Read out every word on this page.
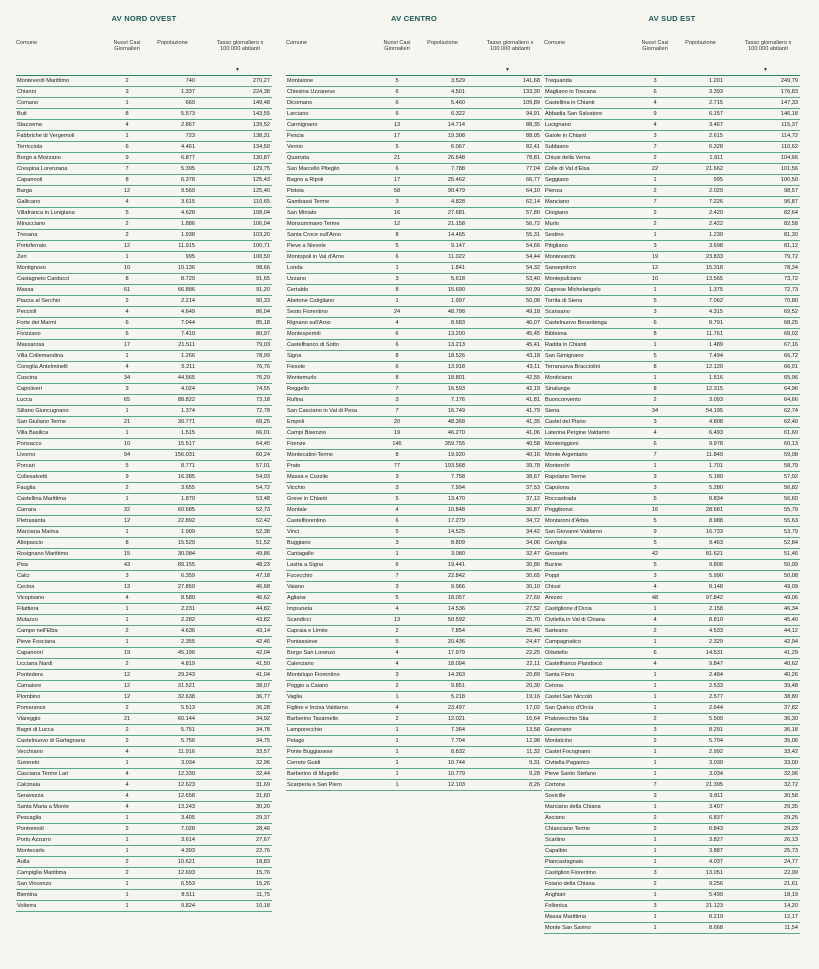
AV NORD OVEST
Comune	Nuovi Casi Giornalieri
Popolazione	Tasso giornaliero x 100.000 abitanti
▼
Monteverdi Marittimo	2	740	270,27
Chianni	3	1.337	224,38
Comano	1	669	149,48
Buti	8	5.573	143,55
Stazzema	4	2.867	139,52
Fabbriche di Vergemoli	1	723	138,31
Terricciola	6	4.461	134,50
Borgo a Mozzano	9	6.877	130,87
Crespina Lorenzana	7	5.395	129,75
Capannoli	8	6.378	125,43
Barga	12	9.569	125,40
Gallicano	4	3.615	110,65
Villafranca in Lunigiana	5	4.628	108,04
Minucciano	2	1.886	106,04
Tresana	2	1.938	103,20
Portoferraio	12	11.915	100,71
Zeri	1	995	100,50
Montignoso	10	10.136	98,66
Castagneto Carducci	8	8.729	91,65
Massa	61	66.886	91,20
Piazza al Serchio	2	2.214	90,33
Pecciolì	4	4.649	86,04
Forte dei Marmi	6	7.044	85,18
Fivizzano	6	7.410	80,97
Massarosa	17	21.511	79,03
Villa Collemandina	1	1.266	78,99
Coreglia Antelminelli	4	5.211	76,76
Cascina	34	44.565	76,29
Capoliveri	3	4.024	74,55
Lucca	65	88.822	73,18
Sillano Giuncugnano	1	1.374	72,78
San Giuliano Terme	21	30.771	68,25
Villa Basilica	1	1.515	66,01
Ponsacco	10	15.517	64,45
Livorno	94	156.031	60,24
Porcari	5	8.771	57,01
Collesalvetti	9	16.385	54,93
Fauglia	2	3.655	54,72
Castellina Marittima	1	1.870	53,48
Carrara	32	60.685	52,73
Pietrasanta	12	22.892	52,42
Marciana Marina	1	1.909	52,38
Altopascio	8	15.529	51,52
Rosignano Marittimo	15	30.084	49,86
Pisa	43	89.155	48,23
Calci	3	6.359	47,18
Cecina	13	27.850	46,68
Vicopisano	4	8.580	46,62
Filattiera	1	2.231	44,82
Mulazzo	1	2.282	43,82
Campo nell'Elba	2	4.636	43,14
Pieve Fosciana	1	2.355	42,46
Capannori	19	45.196	42,04
Licciana Nardi	2	4.819	41,50
Pontedera	12	29.243	41,04
Camaiore	12	31.521	38,07
Piombino	12	32.638	36,77
Pomarance	2	5.513	36,28
Viareggio	21	60.144	34,92
Bagni di Lucca	2	5.751	34,78
Castelnuovo di Garfagnana	2	5.756	34,75
Vecchiano	4	11.916	33,57
Suvereto	1	3.034	32,96
Casciana Terme Lari	4	12.330	32,44
Calcinaia	4	12.623	31,69
Seravezza	4	12.658	31,60
Santa Maria a Monte	4	13.243	30,20
Pescaglia	1	3.405	29,37
Pontremoli	2	7.028	28,46
Porto Azzurro	1	3.614	27,67
Montecarlo	1	4.393	22,76
Aulla	2	10.621	18,83
Campiglia Marittima	2	12.693	15,76
San Vincenzo	1	6.553	15,26
Bientina	1	8.511	11,75
Volterra	1	9.824	10,18
AV CENTRO
Comune	Nuovi Casi Giornalieri
Popolazione	Tasso giornaliero x 100.000 abitanti
▼
Montaione	5	3.529	141,68
Chiesina Uzzanese	6	4.501	133,30
Dicomano	6	5.460	109,89
Larciano	6	6.322	94,91
Carmignano	13	14.714	88,35
Pescia	17	19.308	88,05
Vernio	5	6.067	82,41
Quarrata	21	26.648	78,81
San Marcello Piteglio	6	7.788	77,04
Bagno a Ripoli	17	25.462	66,77
Pistoia	58	90.479	64,10
Gambassi Terme	3	4.828	62,14
San Miniato	16	27.681	57,80
Monsummano Terme	12	21.158	56,72
Santa Croce sull'Arno	8	14.465	55,31
Pieve a Nievole	5	9.147	54,66
Montopoli in Val d'Arno	6	11.022	54,44
Londa	1	1.841	54,32
Uzzano	3	5.618	53,40
Certaldo	8	15.690	50,99
Abetone Cutigliano	1	1.997	50,08
Sesto Fiorentino	24	48.798	49,18
Rignano sull'Arno	4	8.683	46,07
Montespertoli	6	13.200	45,45
Castelfranco di Sotto	6	13.213	45,41
Signa	8	18.526	43,18
Fiesole	6	13.918	43,11
Montemurlo	8	18.801	42,55
Reggello	7	16.593	42,19
Rufina	3	7.176	41,81
San Casciano in Val di Pesa	7	16.749	41,79
Empoli	20	48.368	41,35
Campi Bisenzio	19	46.270	41,06
Firenze	146	359.755	40,58
Montecatini-Terme	8	19.920	40,16
Prato	77	193.568	39,78
Massa e Cozzile	3	7.758	38,67
Vicchio	3	7.994	37,53
Greve in Chianti	5	13.470	37,12
Montale	4	10.848	36,87
Castelfiorentino	6	17.279	34,72
Vinci	5	14.525	34,42
Buggiano	3	8.809	34,06
Cantagallo	1	3.080	32,47
Lastra a Signa	6	19.441	30,86
Fucecchio	7	22.842	30,65
Vaiano	3	9.966	30,10
Agliana	5	18.057	27,69
Impruneta	4	14.536	27,52
Scandicci	13	50.592	25,70
Capraia e Limite	2	7.854	25,46
Pontassieve	5	20.436	24,47
Borgo San Lorenzo	4	17.979	22,25
Calenzano	4	18.094	22,11
Montelupo Fiorentino	3	14.363	20,89
Poggio a Caiano	2	9.851	20,30
Vaglia	1	5.218	19,16
Figline e Incisa Valdarno	4	23.497	17,02
Barberino Tavarnelle	2	12.021	16,64
Lamporecchio	1	7.364	13,58
Pelago	1	7.704	12,98
Ponte Buggianese	1	8.832	11,32
Cerreto Guidi	1	10.744	9,31
Barberino di Mugello	1	10.779	9,28
Scarperia e San Piero	1	12.103	8,26
AV SUD EST
Comune	Nuovi Casi Giornalieri
Popolazione	Tasso giornaliero x 100.000 abitanti
▼
Trequanda	3	1.201	249,79
Magliano in Toscana	6	3.393	176,83
Castellina in Chianti	4	2.715	147,33
Abbadia San Salvatore	9	6.157	146,18
Lucignano	4	3.467	115,37
Gaiole in Chianti	3	2.615	114,72
Subbiano	7	6.328	110,62
Chiusi della Verna	2	1.911	104,66
Colle di Val d'Elsa	22	21.662	101,56
Seggiano	1	995	100,50
Pienza	2	2.029	98,57
Manciano	7	7.226	96,87
Cinigiano	2	2.420	82,64
Murlo	2	2.422	82,58
Sestino	1	1.230	81,30
Pitigliano	3	3.698	81,12
Montevarchi	19	23.833	79,72
Sansepolcro	12	15.318	78,34
Montepulciano	10	13.565	73,72
Caprese Michelangelo	1	1.375	72,73
Torrita di Siena	5	7.062	70,80
Scansano	3	4.315	69,52
Castelnuovo Berardenga	6	8.791	68,25
Bibbiena	8	11.761	68,02
Radda in Chianti	1	1.489	67,16
San Gimignano	5	7.494	66,72
Terranuova Bracciolini	8	12.120	66,01
Monticiano	1	1.516	65,96
Sinalunga	8	12.315	64,96
Buonconvento	2	3.093	64,66
Siena	34	54.195	62,74
Castel del Piano	3	4.808	62,40
Laterina Pergine Valdarno	4	6.493	61,60
Monteriggioni	6	9.978	60,13
Monte Argentario	7	11.849	59,08
Monterchi	1	1.701	58,79
Rapolano Terme	3	5.180	57,92
Capolona	3	5.280	56,82
Roccastrada	5	8.834	56,60
Poggibonsi	16	28.681	55,79
Montaroni d'Arbia	5	8.988	55,63
San Giovanni Valdarno	9	16.733	53,79
Cavriglia	5	9.463	52,84
Grosseto	42	81.621	51,46
Bucine	5	9.806	50,99
Poppi	3	5.990	50,08
Chiusi	4	8.148	49,09
Arezzo	48	97.842	49,06
Castiglione d'Orcia	1	2.158	46,34
Civitella in Val di Chiana	4	8.810	45,40
Sarteano	2	4.533	44,12
Campagnatico	1	2.329	42,94
Orbetello	6	14.531	41,29
Castelfranco Piandiscò	4	9.847	40,62
Santa Fiora	1	2.484	40,26
Cetona	1	2.533	39,48
Castel San Niccolò	1	2.577	38,80
San Quirico d'Orcia	1	2.644	37,82
Pratovecchio Stia	2	5.509	36,30
Gavorrano	3	8.291	36,18
Montalcino	2	5.704	35,06
Castel Focognano	1	2.992	33,42
Civitella Paganico	1	3.030	33,00
Pieve Santo Stefano	1	3.034	32,96
Cortona	7	21.395	32,72
Sovicille	3	9.811	30,58
Marciano della Chiana	1	3.407	29,35
Asciano	2	6.837	29,25
Chianciano Terme	2	6.843	29,23
Scarlino	1	3.827	26,13
Capalbio	1	3.887	25,73
Piancastagnaio	1	4.037	24,77
Castiglion Fiorentino	3	13.051	22,99
Foiano della Chiana	2	9.256	21,61
Anghiari	1	5.499	18,19
Follonica	3	21.123	14,20
Massa Marittima	1	8.219	12,17
Monte San Savino	1	8.668	11,54
